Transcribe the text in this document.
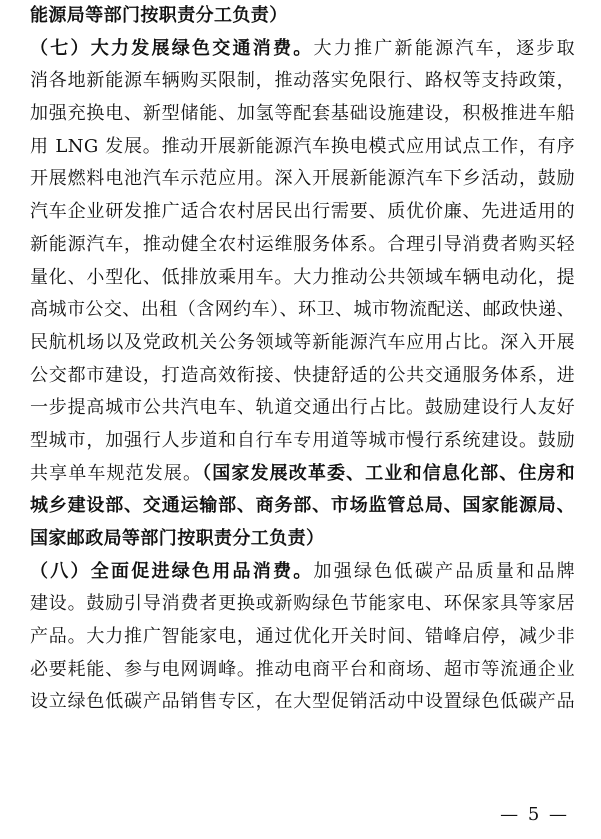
能源局等部门按职责分工负责）
（七）大力发展绿色交通消费。大力推广新能源汽车，逐步取
消各地新能源车辆购买限制，推动落实免限行、路权等支持政策，
加强充换电、新型储能、加氢等配套基础设施建设，积极推进车船
用 LNG 发展。推动开展新能源汽车换电模式应用试点工作，有序
开展燃料电池汽车示范应用。深入开展新能源汽车下乡活动，鼓励
汽车企业研发推广适合农村居民出行需要、质优价廉、先进适用的
新能源汽车，推动健全农村运维服务体系。合理引导消费者购买轻
量化、小型化、低排放乘用车。大力推动公共领域车辆电动化，提
高城市公交、出租（含网约车）、环卫、城市物流配送、邮政快递、
民航机场以及党政机关公务领域等新能源汽车应用占比。深入开展
公交都市建设，打造高效衔接、快捷舒适的公共交通服务体系，进
一步提高城市公共汽电车、轨道交通出行占比。鼓励建设行人友好
型城市，加强行人步道和自行车专用道等城市慢行系统建设。鼓励
共享单车规范发展。（国家发展改革委、工业和信息化部、住房和
城乡建设部、交通运输部、商务部、市场监管总局、国家能源局、
国家邮政局等部门按职责分工负责）
（八）全面促进绿色用品消费。加强绿色低碳产品质量和品牌
建设。鼓励引导消费者更换或新购绿色节能家电、环保家具等家居
产品。大力推广智能家电，通过优化开关时间、错峰启停，减少非
必要耗能、参与电网调峰。推动电商平台和商场、超市等流通企业
设立绿色低碳产品销售专区，在大型促销活动中设置绿色低碳产品
— 5 —
